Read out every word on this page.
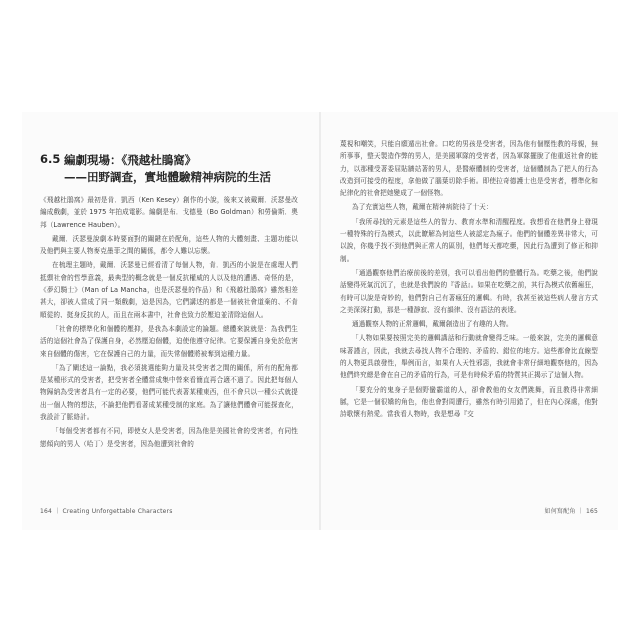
6.5 編劇現場：《飛越杜鵑窩》
——田野調查，實地體驗精神病院的生活

《飛越杜鵑窩》最初是肯．凱西（Ken Kesey）創作的小說，後來又被戴爾．沃瑟曼改編成戲劇，並於 1975 年拍成電影。編劇是布．戈德曼（Bo Goldman）和勞倫斯．奧邦（Lawrence Hauben）。

戴爾．沃瑟曼說劇本時要面對的關鍵在於配角，這些人物的大體刻畫、主題功能以及他們與主要人物麥克墨菲之間的關係，都令人難以忘懷。

在梳理主題時，戴爾．沃瑟曼已經看清了每個人物，肯．凱西的小說是在處理人們抵禦社會的哲學意義，最典型的概念就是一個反抗權威的人以及他的遭遇、奇怪的是，《夢幻騎士》（Man of La Mancha，也是沃瑟曼的作品）和《飛越杜鵑窩》雖然相差甚大，卻被人當成了同一類戲劇，這是因為，它們講述的都是一個被社會道棄的、不肯順從的、挺身反抗的人，而且在兩本書中，社會也致力於壓迫並清除這個人。

「社會的標準化和個體的壓抑，是我為本劇設定的論題。總體來說就是：為我們生活的這個社會為了保護自身，必然壓迫個體，迫使他遵守紀律。它要保護自身免於危害來自個體的傷害，它在保護自己的力量，而失常個體將被奪到這種力量。

「為了闡述這一論點，我必須挑選能夠力量及其受害者之間的關係，所有的配角都是某種形式的受害者，把受害者全體當成集中營來看簡直再合適不過了。因此把每個人物歸納為受害者具有一定的必要，他們可能代表著某種東西，但不會只以一種公式就提出一個人物的想法，不論把他們看著成某種受制的家庭。為了讓他們體會可能探查化，我設計了脈絡計。

「每個受害者都有不同，即使女人是受害者，因為他是美國社會的受害者，有同性戀傾向的男人（哈丁）是受害者，因為他遭到社會的

蔑視和嘲笑，只能自願遁出社會。口吃的男孩是受害者，因為他有個壓性教的母親，無所事事，整天製造作弊的男人，是美國軍隊的受害者，因為軍隊擺脫了他重返社會的能力，以那種受著委屈貼牆站著的男人，是醫療體制的受害者，這個體制為了把人的行為改造到可接受的程度，拿他做了腦葉切除手術。即使拉奇德護士也是受害者，標準化和紀律化的社會把她變成了一個怪物。

為了充實這些人物，戴爾在精神病院待了十天：

「我所尋找的元素是這些人的智力、教育水準和清醒程度。我想看在他們身上發現一種特殊的行為模式，以此瞭解為何這些人被認定為瘋子。他們的個體差異非常大，可以說，你幾乎找不到他們與正常人的區別，他們每天都吃藥，因此行為遭到了修正和抑制。

「通過觀察他們治療前後的差別，我可以看出他們的整體行為。吃藥之後，他們說話變得死氣沉沉了，也就是我們說的『香話』。如果在吃藥之前，其行為模式依舊瘋狂，有時可以說是奇妙的，他們對自己有著瘋狂的邏輯。有時，我甚至被這些病人發言方式之美深深打動，那是一種靜寂、沒有韻律、沒有語法的表達。

通過觀察人物的正常邏輯，戴爾創造出了有趣的人物。

「人物如果要按照完美的邏輯講話和行動就會變得乏味。一般來說，完美的邏輯意味著謹言，因此，我就去尋找人物不合理的、矛盾的、錯位的地方。這些都會比直線型的人物更具啟發性，舉例而言，如果有人天性邪惡，我就會非常仔細地觀察他的，因為他們終究總是會在自己的矛盾的行為，可是有時候矛盾的特質其正揭示了這個人物。

「要充分的鬼身子是個野蠻霸道的人，卻會教他的女友們跳舞，而且教得非常細膩，它是一個很嬌的角色，他也會對周遭行，雖然有時引用錯了，但在內心深處，他對詩歌懷有熱愛。當我看人物時，我是想尋『交

164 ｜ Creating Unforgettable Characters	如何寫配角 ｜ 165
